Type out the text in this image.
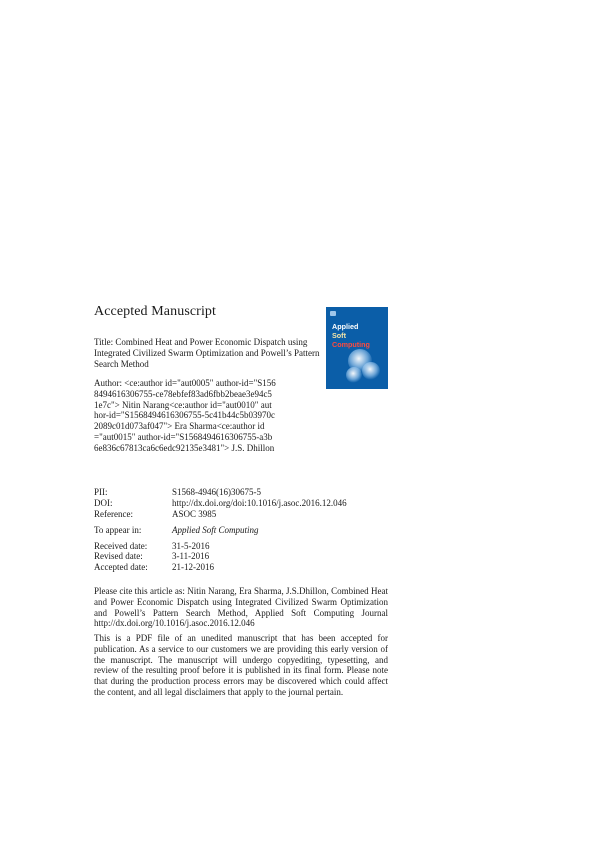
Accepted Manuscript
Title: Combined Heat and Power Economic Dispatch using Integrated Civilized Swarm Optimization and Powell’s Pattern Search Method
Author: <ce:author id="aut0005" author-id="S1568494616306755-ce78ebfef83ad6fbb2beae3e94c51e7c"> Nitin Narang<ce:author id="aut0010" author-id="S1568494616306755-5c41b44c5b03970c2089c01d073af047"> Era Sharma<ce:author id="aut0015" author-id="S1568494616306755-a3b6e836c67813ca6c6edc92135e3481"> J.S. Dhillon
Applied
Soft
Computing
PII:	S1568-4946(16)30675-5
DOI:	http://dx.doi.org/doi:10.1016/j.asoc.2016.12.046
Reference:	ASOC 3985
To appear in:	Applied Soft Computing
Received date:	31-5-2016
Revised date:	3-11-2016
Accepted date:	21-12-2016

Please cite this article as: Nitin Narang, Era Sharma, J.S.Dhillon, Combined Heat and Power Economic Dispatch using Integrated Civilized Swarm Optimization and Powell’s Pattern Search Method, Applied Soft Computing Journal http://dx.doi.org/10.1016/j.asoc.2016.12.046

This is a PDF file of an unedited manuscript that has been accepted for publication. As a service to our customers we are providing this early version of the manuscript. The manuscript will undergo copyediting, typesetting, and review of the resulting proof before it is published in its final form. Please note that during the production process errors may be discovered which could affect the content, and all legal disclaimers that apply to the journal pertain.
